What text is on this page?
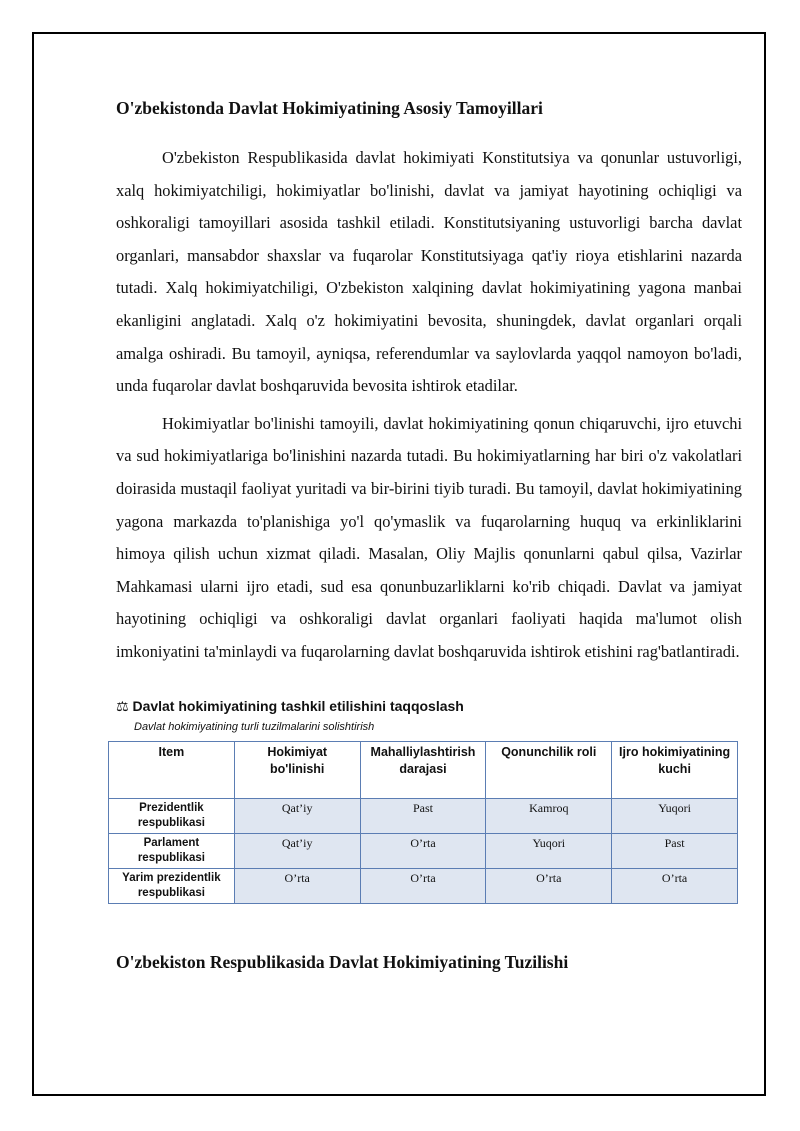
O'zbekistonda Davlat Hokimiyatining Asosiy Tamoyillari

O'zbekiston Respublikasida davlat hokimiyati Konstitutsiya va qonunlar ustuvorligi, xalq hokimiyatchiligi, hokimiyatlar bo'linishi, davlat va jamiyat hayotining ochiqligi va oshkoraligi tamoyillari asosida tashkil etiladi. Konstitutsiyaning ustuvorligi barcha davlat organlari, mansabdor shaxslar va fuqarolar Konstitutsiyaga qat'iy rioya etishlarini nazarda tutadi. Xalq hokimiyatchiligi, O'zbekiston xalqining davlat hokimiyatining yagona manbai ekanligini anglatadi. Xalq o'z hokimiyatini bevosita, shuningdek, davlat organlari orqali amalga oshiradi. Bu tamoyil, ayniqsa, referendumlar va saylovlarda yaqqol namoyon bo'ladi, unda fuqarolar davlat boshqaruvida bevosita ishtirok etadilar.

Hokimiyatlar bo'linishi tamoyili, davlat hokimiyatining qonun chiqaruvchi, ijro etuvchi va sud hokimiyatlariga bo'linishini nazarda tutadi. Bu hokimiyatlarning har biri o'z vakolatlari doirasida mustaqil faoliyat yuritadi va bir-birini tiyib turadi. Bu tamoyil, davlat hokimiyatining yagona markazda to'planishiga yo'l qo'ymaslik va fuqarolarning huquq va erkinliklarini himoya qilish uchun xizmat qiladi. Masalan, Oliy Majlis qonunlarni qabul qilsa, Vazirlar Mahkamasi ularni ijro etadi, sud esa qonunbuzarliklarni ko'rib chiqadi. Davlat va jamiyat hayotining ochiqligi va oshkoraligi davlat organlari faoliyati haqida ma'lumot olish imkoniyatini ta'minlaydi va fuqarolarning davlat boshqaruvida ishtirok etishini rag'batlantiradi.

⚖ Davlat hokimiyatining tashkil etilishini taqqoslash
Davlat hokimiyatining turli tuzilmalarini solishtirish
Item	Hokimiyat bo'linishi	Mahalliylashtirish darajasi	Qonunchilik roli	Ijro hokimiyatining kuchi
Prezidentlik respublikasi	Qat’iy	Past	Kamroq	Yuqori
Parlament respublikasi	Qat’iy	O’rta	Yuqori	Past
Yarim prezidentlik respublikasi	O’rta	O’rta	O’rta	O’rta
O'zbekiston Respublikasida Davlat Hokimiyatining Tuzilishi
